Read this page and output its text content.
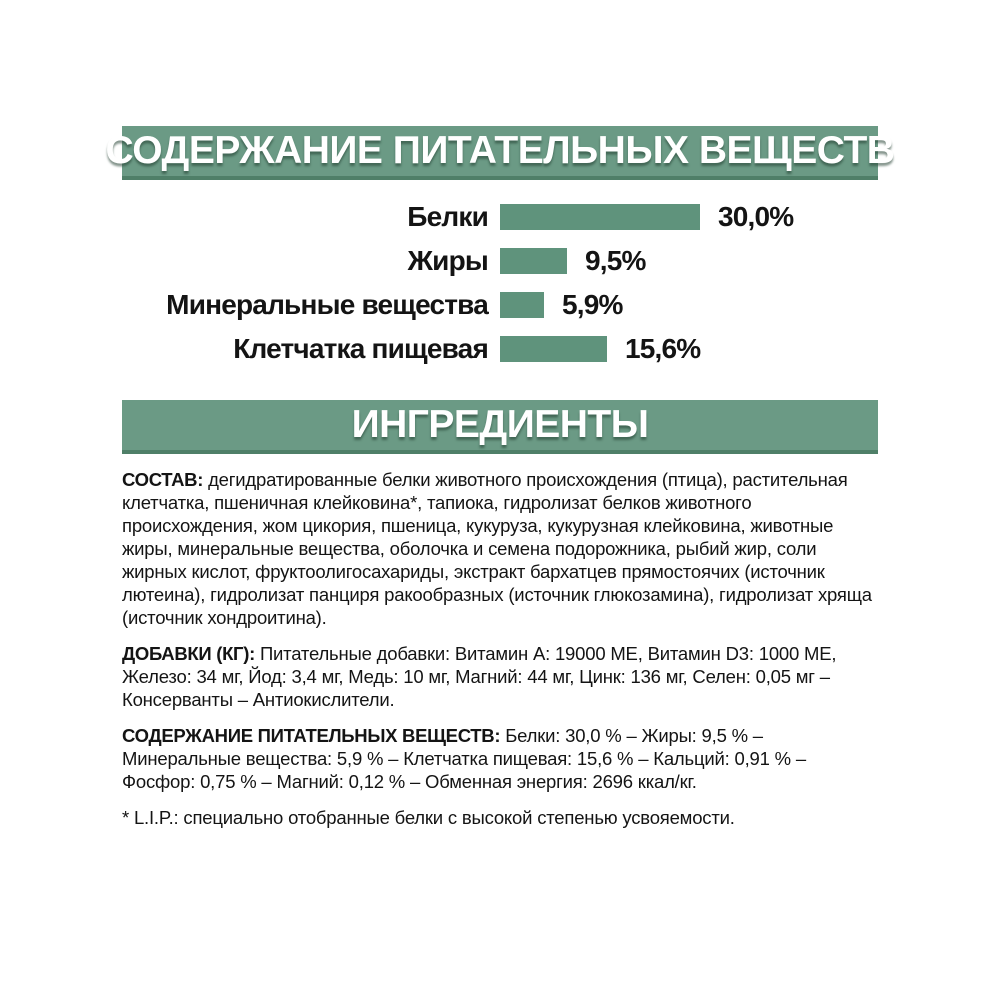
СОДЕРЖАНИЕ ПИТАТЕЛЬНЫХ ВЕЩЕСТВ
Белки	30,0%
Жиры	9,5%
Минеральные вещества	5,9%
Клетчатка пищевая	15,6%
ИНГРЕДИЕНТЫ

СОСТАВ: дегидратированные белки животного происхождения (птица), растительная клетчатка, пшеничная клейковина*, тапиока, гидролизат белков животного происхождения, жом цикория, пшеница, кукуруза, кукурузная клейковина, животные жиры, минеральные вещества, оболочка и семена подорожника, рыбий жир, соли жирных кислот, фруктоолигосахариды, экстракт бархатцев прямостоячих (источник лютеина), гидролизат панциря ракообразных (источник глюкозамина), гидролизат хряща (источник хондроитина).

ДОБАВКИ (КГ): Питательные добавки: Витамин A: 19000 МЕ, Витамин D3: 1000 МЕ, Железо: 34 мг, Йод: 3,4 мг, Медь: 10 мг, Магний: 44 мг, Цинк: 136 мг, Селен: 0,05 мг – Консерванты – Антиокислители.

СОДЕРЖАНИЕ ПИТАТЕЛЬНЫХ ВЕЩЕСТВ: Белки: 30,0 % – Жиры: 9,5 % – Минеральные вещества: 5,9 % – Клетчатка пищевая: 15,6 % – Кальций: 0,91 % – Фосфор: 0,75 % – Магний: 0,12 % – Обменная энергия: 2696 ккал/кг.

* L.I.P.: специально отобранные белки с высокой степенью усвояемости.
